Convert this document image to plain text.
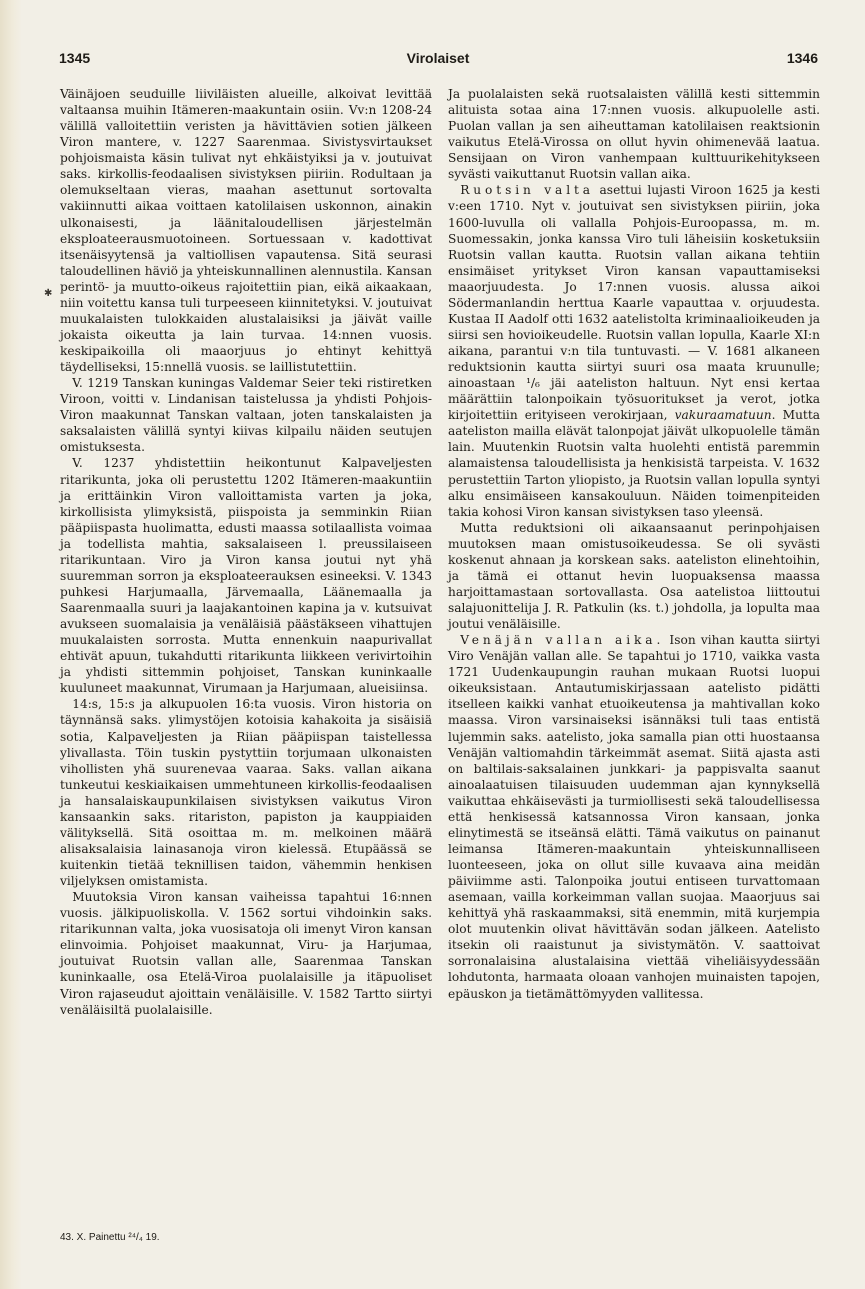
1345	Virolaiset	1346
✱

Väinäjoen seuduille liiviläisten alueille, alkoivat levittää valtaansa muihin Itämeren-maakuntain osiin. Vv:n 1208-24 välillä valloitettiin veristen ja hävittävien sotien jälkeen Viron mantere, v. 1227 Saarenmaa. Sivistysvirtaukset pohjoismaista käsin tulivat nyt ehkäistyiksi ja v. joutuivat saks. kirkollis-feodaalisen sivistyksen piiriin. Rodultaan ja olemukseltaan vieras, maahan asettunut sortovalta vakiinnutti aikaa voittaen katolilaisen uskonnon, ainakin ulkonaisesti, ja läänitaloudellisen järjestelmän eksploateerausmuotoineen. Sortuessaan v. kadottivat itsenäisyytensä ja valtiollisen vapautensa. Sitä seurasi taloudellinen häviö ja yhteiskunnallinen alennustila. Kansan perintö- ja muutto-oikeus rajoitettiin pian, eikä aikaakaan, niin voitettu kansa tuli turpeeseen kiinnitetyksi. V. joutuivat muukalaisten tulokkaiden alustalaisiksi ja jäivät vaille jokaista oikeutta ja lain turvaa. 14:nnen vuosis. keskipaikoilla oli maaorjuus jo ehtinyt kehittyä täydelliseksi, 15:nnellä vuosis. se laillistutettiin.

V. 1219 Tanskan kuningas Valdemar Seier teki ristiretken Viroon, voitti v. Lindanisan taistelussa ja yhdisti Pohjois-Viron maakunnat Tanskan valtaan, joten tanskalaisten ja saksalaisten välillä syntyi kiivas kilpailu näiden seutujen omistuksesta.

V. 1237 yhdistettiin heikontunut Kalpaveljesten ritarikunta, joka oli perustettu 1202 Itämeren-maakuntiin ja erittäinkin Viron valloittamista varten ja joka, kirkollisista ylimyksistä, piispoista ja semminkin Riian pääpiispasta huolimatta, edusti maassa sotilaallista voimaa ja todellista mahtia, saksalaiseen l. preussilaiseen ritarikuntaan. Viro ja Viron kansa joutui nyt yhä suuremman sorron ja eksploateerauksen esineeksi. V. 1343 puhkesi Harjumaalla, Järvemaalla, Läänemaalla ja Saarenmaalla suuri ja laajakantoinen kapina ja v. kutsuivat avukseen suomalaisia ja venäläisiä päästäkseen vihattujen muukalaisten sorrosta. Mutta ennenkuin naapurivallat ehtivät apuun, tukahdutti ritarikunta liikkeen verivirtoihin ja yhdisti sittemmin pohjoiset, Tanskan kuninkaalle kuuluneet maakunnat, Virumaan ja Harjumaan, alueisiinsa.

14:s, 15:s ja alkupuolen 16:ta vuosis. Viron historia on täynnänsä saks. ylimystöjen kotoisia kahakoita ja sisäisiä sotia, Kalpaveljesten ja Riian pääpiispan taistellessa ylivallasta. Töin tuskin pystyttiin torjumaan ulkonaisten vihollisten yhä suurenevaa vaaraa. Saks. vallan aikana tunkeutui keskiaikaisen ummehtuneen kirkollis-feodaalisen ja hansalaiskaupunkilaisen sivistyksen vaikutus Viron kansaankin saks. ritariston, papiston ja kauppiaiden välityksellä. Sitä osoittaa m. m. melkoinen määrä alisaksalaisia lainasanoja viron kielessä. Etupäässä se kuitenkin tietää teknillisen taidon, vähemmin henkisen viljelyksen omistamista.

Muutoksia Viron kansan vaiheissa tapahtui 16:nnen vuosis. jälkipuoliskolla. V. 1562 sortui vihdoinkin saks. ritarikunnan valta, joka vuosisatoja oli imenyt Viron kansan elinvoimia. Pohjoiset maakunnat, Viru- ja Harjumaa, joutuivat Ruotsin vallan alle, Saarenmaa Tanskan kuninkaalle, osa Etelä-Viroa puolalaisille ja itäpuoliset Viron rajaseudut ajoittain venäläisille. V. 1582 Tartto siirtyi venäläisiltä puolalaisille.

Ja puolalaisten sekä ruotsalaisten välillä kesti sittemmin alituista sotaa aina 17:nnen vuosis. alkupuolelle asti. Puolan vallan ja sen aiheuttaman katolilaisen reaktsionin vaikutus Etelä-Virossa on ollut hyvin ohimenevää laatua. Sensijaan on Viron vanhempaan kulttuurikehitykseen syvästi vaikuttanut Ruotsin vallan aika.

Ruotsin valta asettui lujasti Viroon 1625 ja kesti v:een 1710. Nyt v. joutuivat sen sivistyksen piiriin, joka 1600-luvulla oli vallalla Pohjois-Euroopassa, m. m. Suomessakin, jonka kanssa Viro tuli läheisiin kosketuksiin Ruotsin vallan kautta. Ruotsin vallan aikana tehtiin ensimäiset yritykset Viron kansan vapauttamiseksi maaorjuudesta. Jo 17:nnen vuosis. alussa aikoi Södermanlandin herttua Kaarle vapauttaa v. orjuudesta. Kustaa II Aadolf otti 1632 aatelistolta kriminaalioikeuden ja siirsi sen hovioikeudelle. Ruotsin vallan lopulla, Kaarle XI:n aikana, parantui v:n tila tuntuvasti. — V. 1681 alkaneen reduktsionin kautta siirtyi suuri osa maata kruunulle; ainoastaan ¹/₆ jäi aateliston haltuun. Nyt ensi kertaa määrättiin talonpoikain työsuoritukset ja verot, jotka kirjoitettiin erityiseen verokirjaan, vakuraamatuun. Mutta aateliston mailla elävät talonpojat jäivät ulkopuolelle tämän lain. Muutenkin Ruotsin valta huolehti entistä paremmin alamaistensa taloudellisista ja henkisistä tarpeista. V. 1632 perustettiin Tarton yliopisto, ja Ruotsin vallan lopulla syntyi alku ensimäiseen kansakouluun. Näiden toimenpiteiden takia kohosi Viron kansan sivistyksen taso yleensä.

Mutta reduktsioni oli aikaansaanut perinpohjaisen muutoksen maan omistusoikeudessa. Se oli syvästi koskenut ahnaan ja korskean saks. aateliston elinehtoihin, ja tämä ei ottanut hevin luopuaksensa maassa harjoittamastaan sortovallasta. Osa aatelistoa liittoutui salajuonittelija J. R. Patkulin (ks. t.) johdolla, ja lopulta maa joutui venäläisille.

Venäjän vallan aika. Ison vihan kautta siirtyi Viro Venäjän vallan alle. Se tapahtui jo 1710, vaikka vasta 1721 Uudenkaupungin rauhan mukaan Ruotsi luopui oikeuksistaan. Antautumiskirjassaan aatelisto pidätti itselleen kaikki vanhat etuoikeutensa ja mahtivallan koko maassa. Viron varsinaiseksi isännäksi tuli taas entistä lujemmin saks. aatelisto, joka samalla pian otti huostaansa Venäjän valtiomahdin tärkeimmät asemat. Siitä ajasta asti on baltilais-saksalainen junkkari- ja pappisvalta saanut ainoalaatuisen tilaisuuden uudemman ajan kynnyksellä vaikuttaa ehkäisevästi ja turmiollisesti sekä taloudellisessa että henkisessä katsannossa Viron kansaan, jonka elinytimestä se itseänsä elätti. Tämä vaikutus on painanut leimansa Itämeren-maakuntain yhteiskunnalliseen luonteeseen, joka on ollut sille kuvaava aina meidän päiviimme asti. Talonpoika joutui entiseen turvattomaan asemaan, vailla korkeimman vallan suojaa. Maaorjuus sai kehittyä yhä raskaammaksi, sitä enemmin, mitä kurjempia olot muutenkin olivat hävittävän sodan jälkeen. Aatelisto itsekin oli raaistunut ja sivistymätön. V. saattoivat sorronalaisina alustalaisina viettää viheliäisyydessään lohdutonta, harmaata oloaan vanhojen muinaisten tapojen, epäuskon ja tietämättömyyden vallitessa.

43. X. Painettu ²⁴/₄ 19.
